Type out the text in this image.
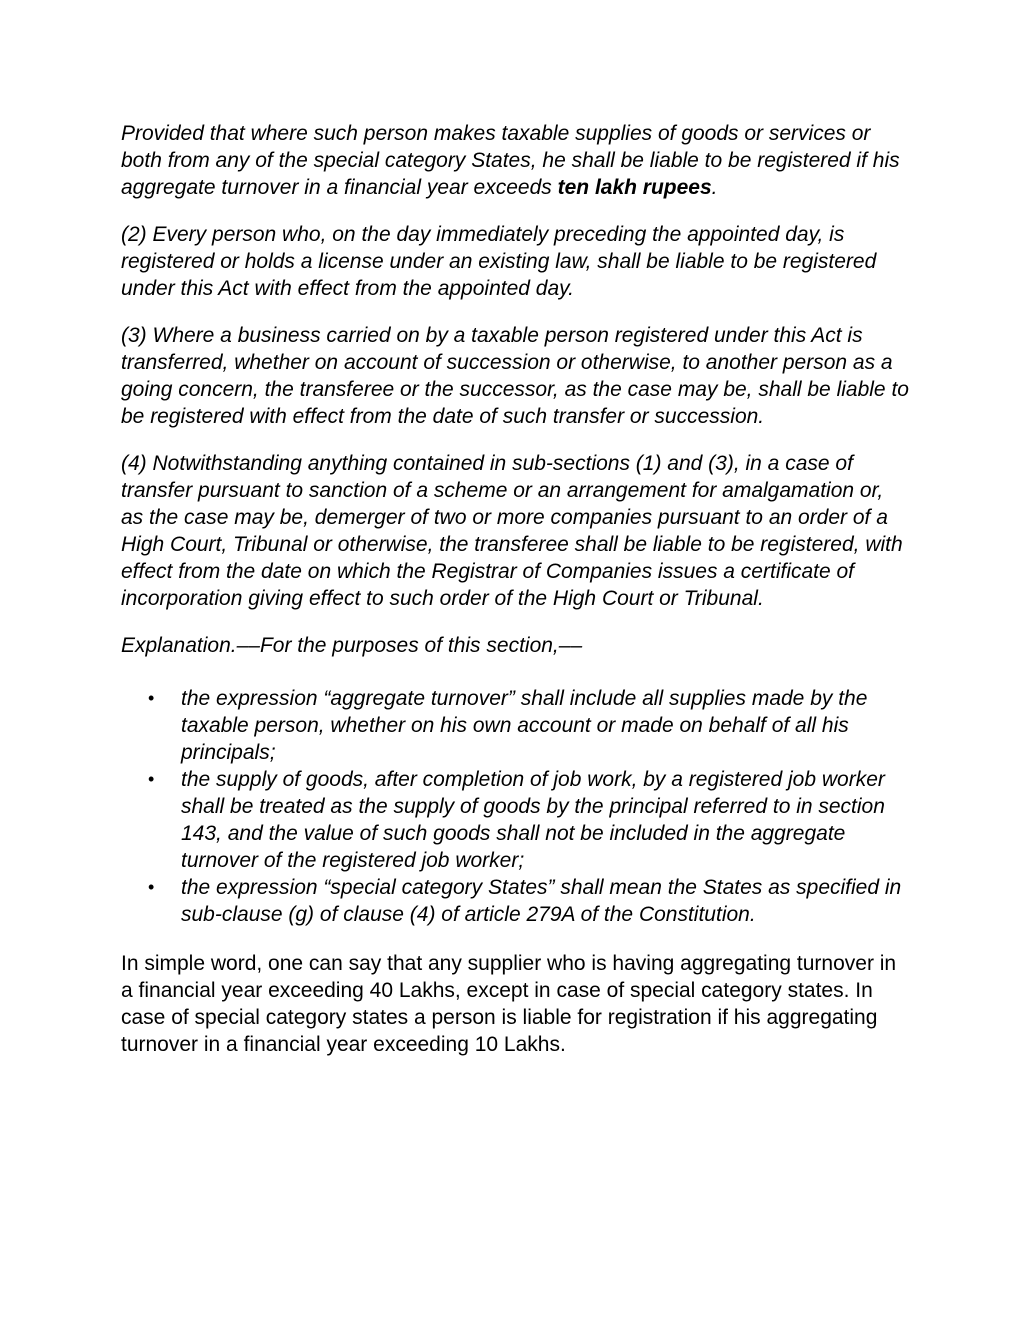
Provided that where such person makes taxable supplies of goods or services or both from any of the special category States, he shall be liable to be registered if his aggregate turnover in a financial year exceeds ten lakh rupees.

(2) Every person who, on the day immediately preceding the appointed day, is registered or holds a license under an existing law, shall be liable to be registered under this Act with effect from the appointed day.

(3) Where a business carried on by a taxable person registered under this Act is transferred, whether on account of succession or otherwise, to another person as a going concern, the transferee or the successor, as the case may be, shall be liable to be registered with effect from the date of such transfer or succession.

(4) Notwithstanding anything contained in sub-sections (1) and (3), in a case of transfer pursuant to sanction of a scheme or an arrangement for amalgamation or, as the case may be, demerger of two or more companies pursuant to an order of a High Court, Tribunal or otherwise, the transferee shall be liable to be registered, with effect from the date on which the Registrar of Companies issues a certificate of incorporation giving effect to such order of the High Court or Tribunal.

Explanation.––For the purposes of this section,––

• the expression “aggregate turnover” shall include all supplies made by the taxable person, whether on his own account or made on behalf of all his principals;
• the supply of goods, after completion of job work, by a registered job worker shall be treated as the supply of goods by the principal referred to in section 143, and the value of such goods shall not be included in the aggregate turnover of the registered job worker;
• the expression “special category States” shall mean the States as specified in sub-clause (g) of clause (4) of article 279A of the Constitution.

In simple word, one can say that any supplier who is having aggregating turnover in a financial year exceeding 40 Lakhs, except in case of special category states. In case of special category states a person is liable for registration if his aggregating turnover in a financial year exceeding 10 Lakhs.
